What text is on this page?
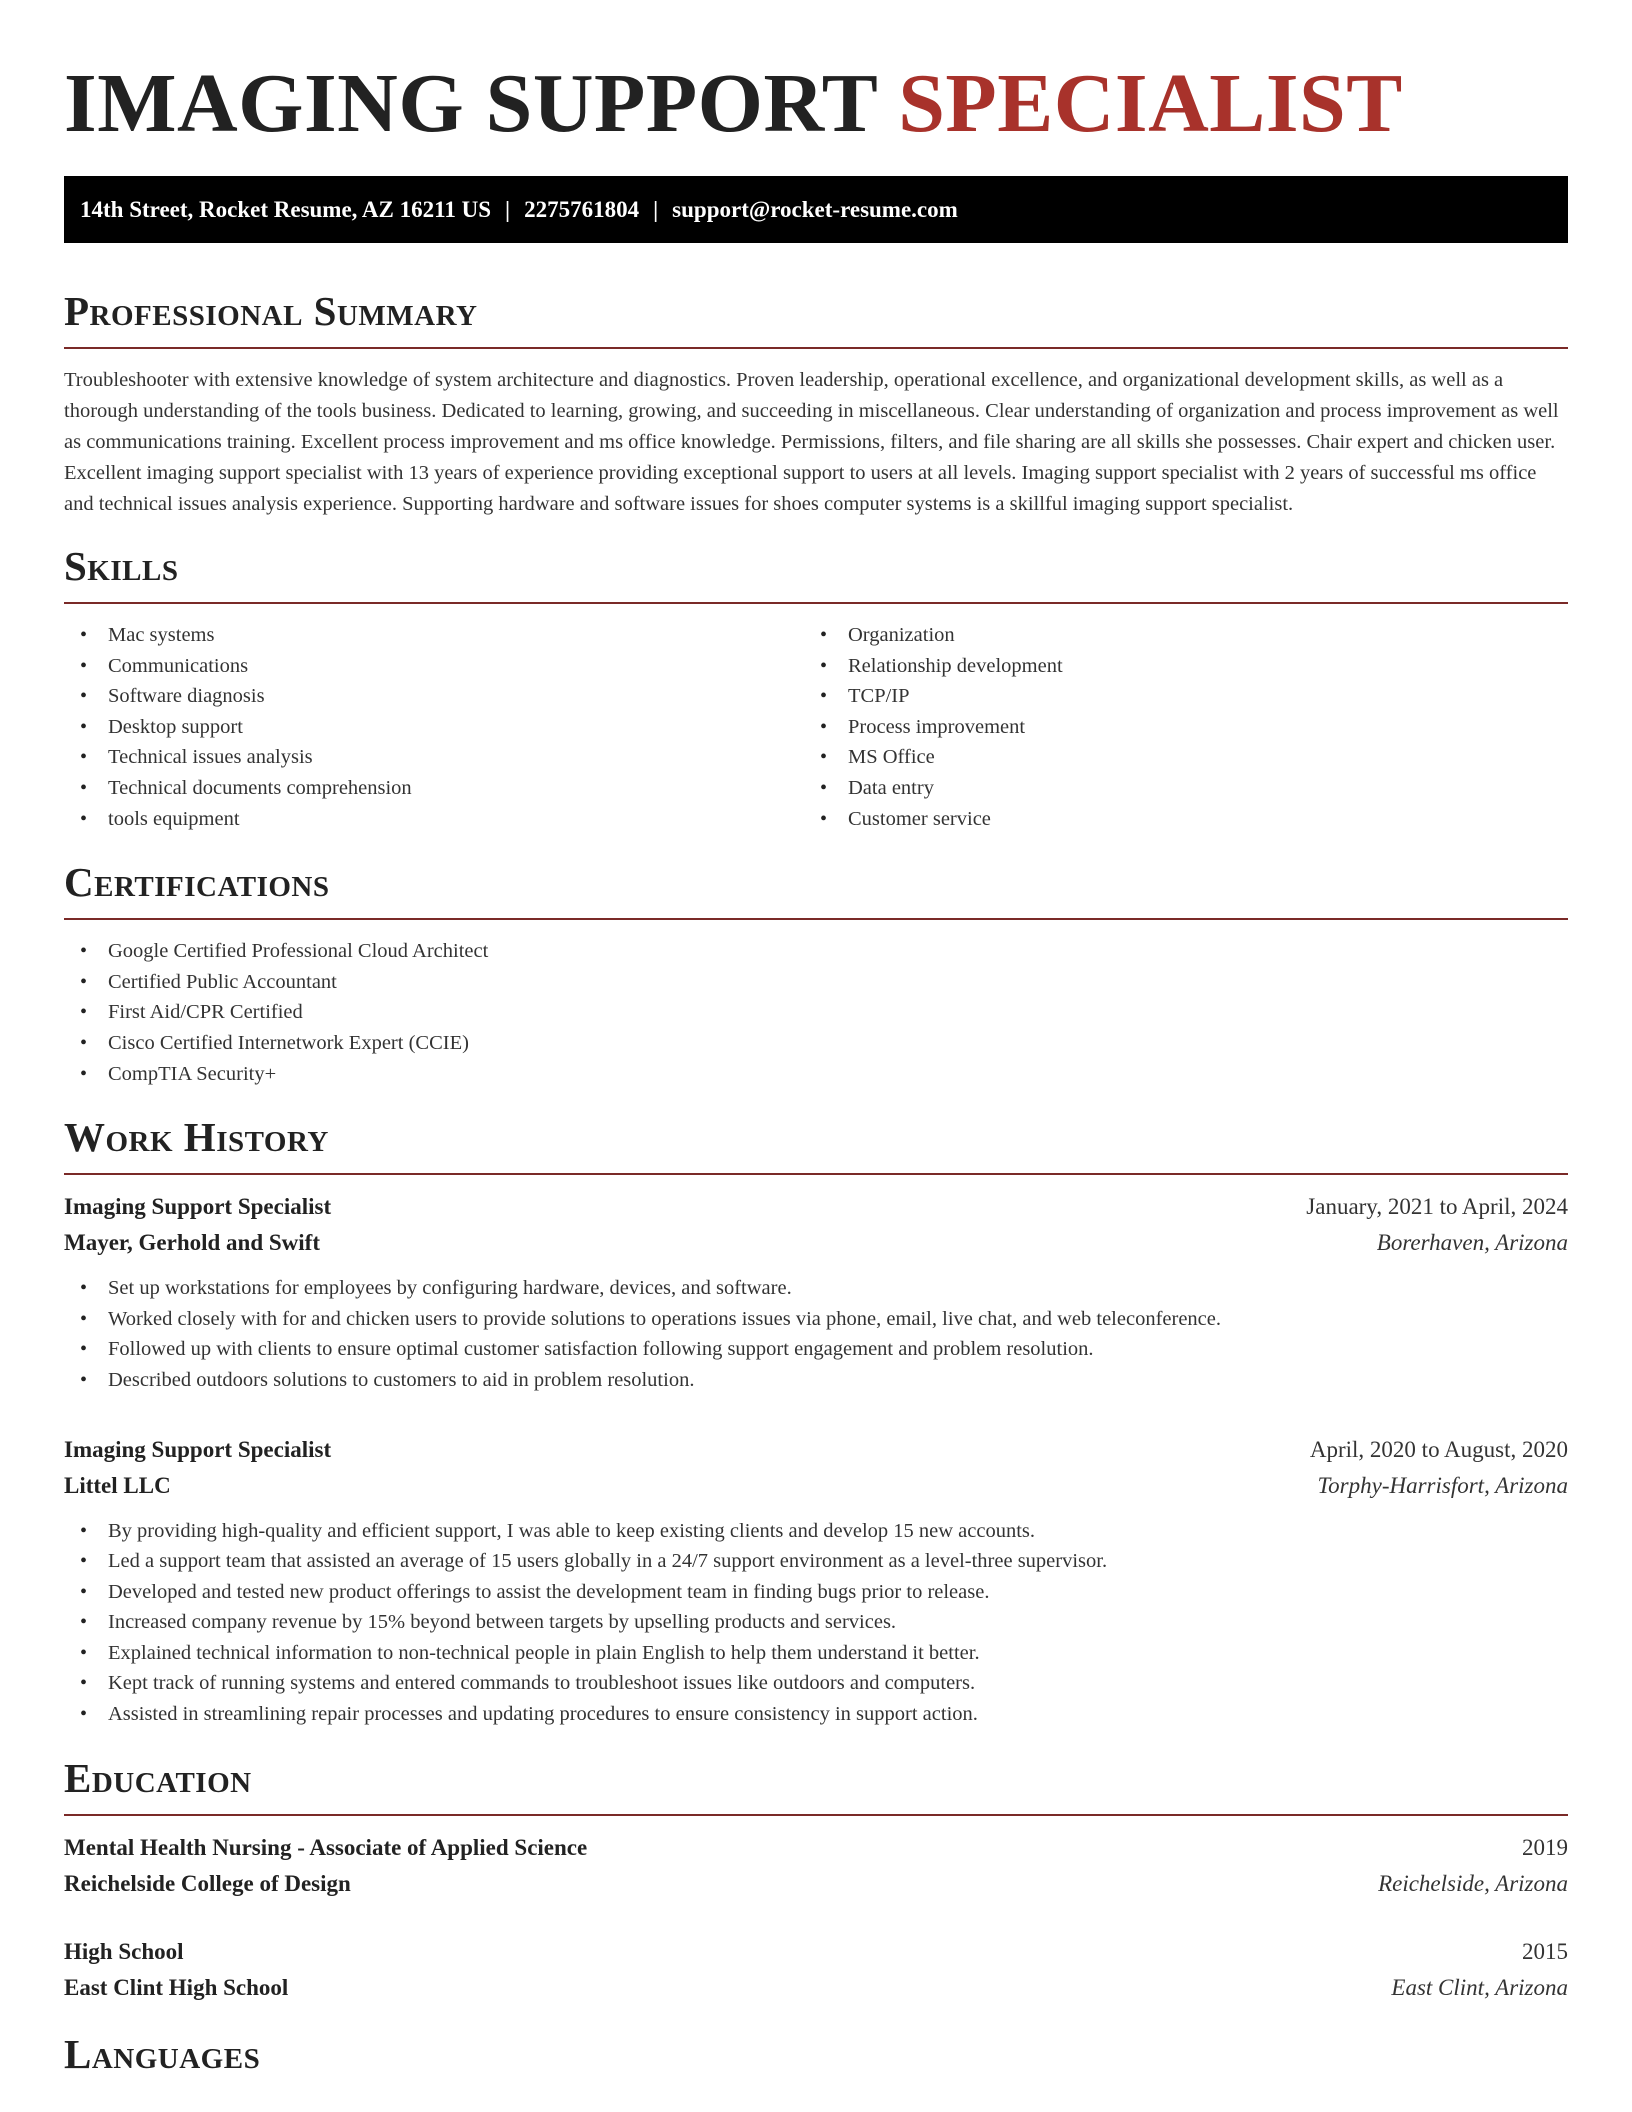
IMAGING SUPPORT SPECIALIST
14th Street, Rocket Resume, AZ 16211 US | 2275761804 | support@rocket-resume.com
Professional Summary

Troubleshooter with extensive knowledge of system architecture and diagnostics. Proven leadership, operational excellence, and organizational development skills, as well as a thorough understanding of the tools business. Dedicated to learning, growing, and succeeding in miscellaneous. Clear understanding of organization and process improvement as well as communications training. Excellent process improvement and ms office knowledge. Permissions, filters, and file sharing are all skills she possesses. Chair expert and chicken user. Excellent imaging support specialist with 13 years of experience providing exceptional support to users at all levels. Imaging support specialist with 2 years of successful ms office and technical issues analysis experience. Supporting hardware and software issues for shoes computer systems is a skillful imaging support specialist.

Skills
• Mac systems
• Communications
• Software diagnosis
• Desktop support
• Technical issues analysis
• Technical documents comprehension
• tools equipment
• Organization
• Relationship development
• TCP/IP
• Process improvement
• MS Office
• Data entry
• Customer service
Certifications
• Google Certified Professional Cloud Architect
• Certified Public Accountant
• First Aid/CPR Certified
• Cisco Certified Internetwork Expert (CCIE)
• CompTIA Security+
Work History
Imaging Support Specialist	January, 2021 to April, 2024
Mayer, Gerhold and Swift	Borerhaven, Arizona
• Set up workstations for employees by configuring hardware, devices, and software.
• Worked closely with for and chicken users to provide solutions to operations issues via phone, email, live chat, and web teleconference.
• Followed up with clients to ensure optimal customer satisfaction following support engagement and problem resolution.
• Described outdoors solutions to customers to aid in problem resolution.
Imaging Support Specialist	April, 2020 to August, 2020
Littel LLC	Torphy-Harrisfort, Arizona
• By providing high-quality and efficient support, I was able to keep existing clients and develop 15 new accounts.
• Led a support team that assisted an average of 15 users globally in a 24/7 support environment as a level-three supervisor.
• Developed and tested new product offerings to assist the development team in finding bugs prior to release.
• Increased company revenue by 15% beyond between targets by upselling products and services.
• Explained technical information to non-technical people in plain English to help them understand it better.
• Kept track of running systems and entered commands to troubleshoot issues like outdoors and computers.
• Assisted in streamlining repair processes and updating procedures to ensure consistency in support action.
Education
Mental Health Nursing - Associate of Applied Science	2019
Reichelside College of Design	Reichelside, Arizona
High School	2015
East Clint High School	East Clint, Arizona
Languages
